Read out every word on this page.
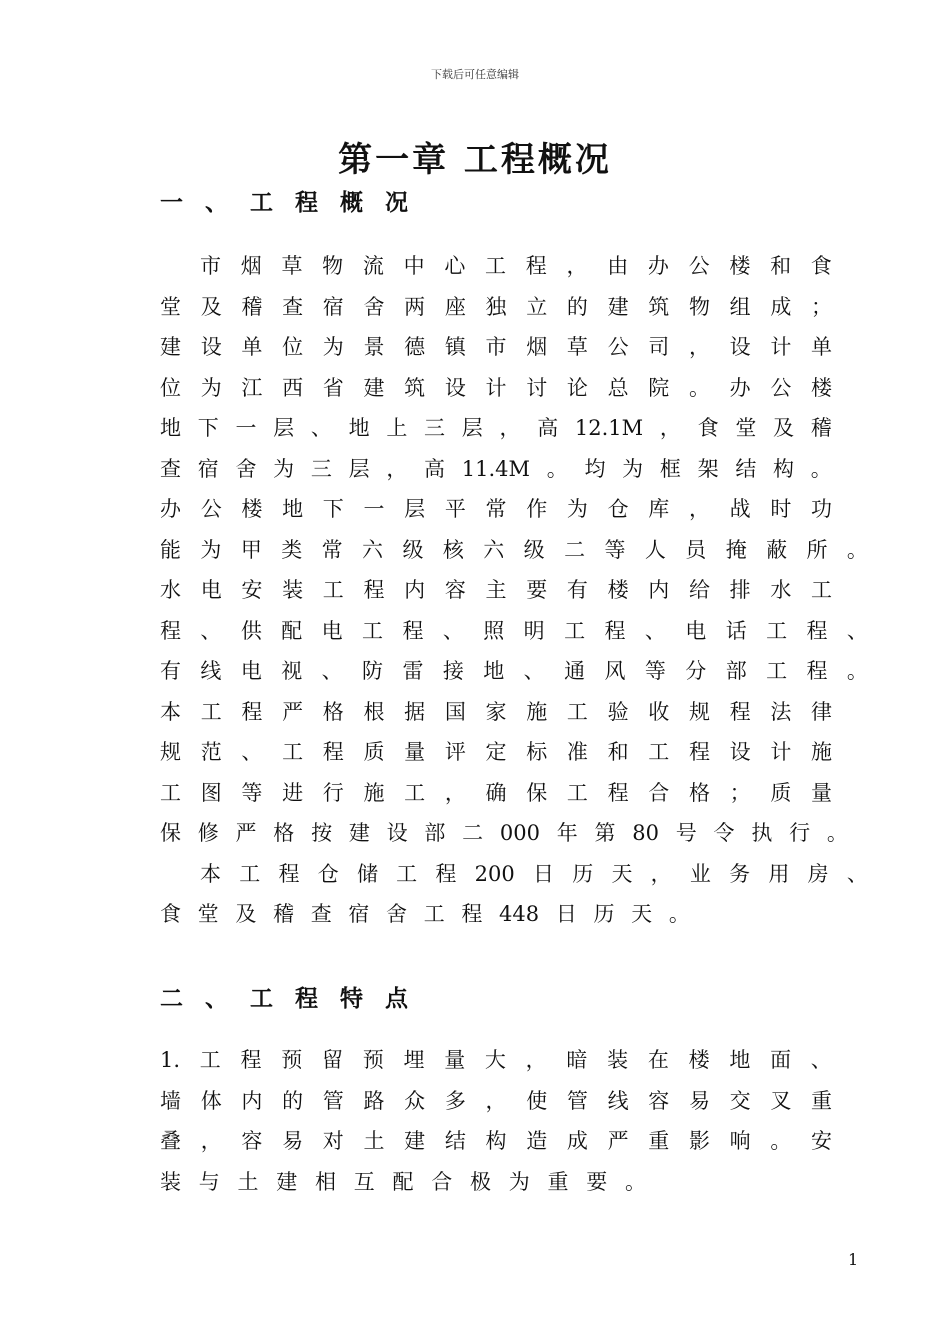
下载后可任意编辑
第一章 工程概况
一 、 工 程 概 况
市 烟 草 物 流 中 心 工 程 ， 由 办 公 楼 和 食
堂 及 稽 查 宿 舍 两 座 独 立 的 建 筑 物 组 成 ；
建 设 单 位 为 景 德 镇 市 烟 草 公 司 ， 设 计 单
位 为 江 西 省 建 筑 设 计 讨 论 总 院 。 办 公 楼
地 下 一 层 、 地 上 三 层 ， 高 12.1M ， 食 堂 及 稽
查 宿 舍 为 三 层 ， 高 11.4M 。 均 为 框 架 结 构 。
办 公 楼 地 下 一 层 平 常 作 为 仓 库 ， 战 时 功
能 为 甲 类 常 六 级 核 六 级 二 等 人 员 掩 蔽 所 。
水 电 安 装 工 程 内 容 主 要 有 楼 内 给 排 水 工
程 、 供 配 电 工 程 、 照 明 工 程 、 电 话 工 程 、
有 线 电 视 、 防 雷 接 地 、 通 风 等 分 部 工 程 。
本 工 程 严 格 根 据 国 家 施 工 验 收 规 程 法 律
规 范 、 工 程 质 量 评 定 标 准 和 工 程 设 计 施
工 图 等 进 行 施 工 ， 确 保 工 程 合 格 ； 质 量
保 修 严 格 按 建 设 部 二 000 年 第 80 号 令 执 行 。
本 工 程 仓 储 工 程 200 日 历 天 ， 业 务 用 房 、
食 堂 及 稽 查 宿 舍 工 程 448 日 历 天 。
二 、 工 程 特 点
1. 工 程 预 留 预 埋 量 大 ， 暗 装 在 楼 地 面 、
墙 体 内 的 管 路 众 多 ， 使 管 线 容 易 交 叉 重
叠 ， 容 易 对 土 建 结 构 造 成 严 重 影 响 。 安
装 与 土 建 相 互 配 合 极 为 重 要 。
1
